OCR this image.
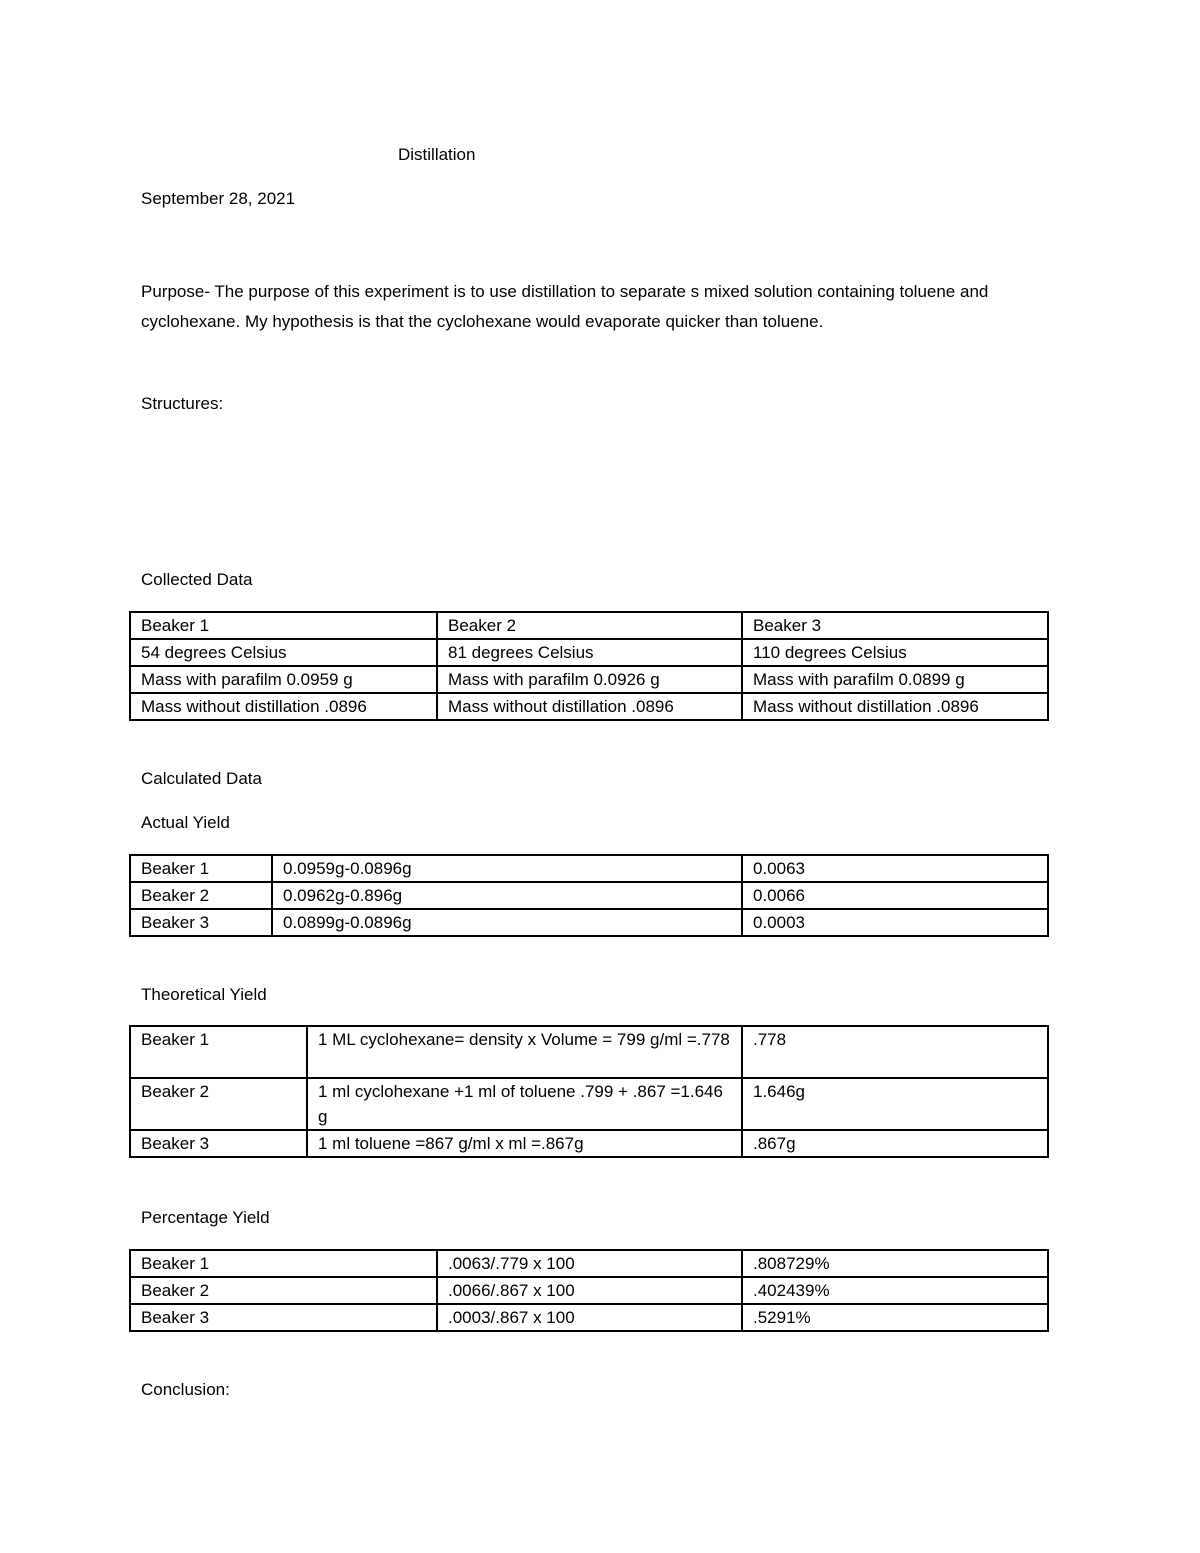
Distillation
September 28, 2021
Purpose- The purpose of this experiment is to use distillation to separate s mixed solution containing toluene and cyclohexane. My hypothesis is that the cyclohexane would evaporate quicker than toluene.
Structures:
Collected Data
Beaker 1	Beaker 2	Beaker 3
54 degrees Celsius	81 degrees Celsius	110 degrees Celsius
Mass with paraﬁlm 0.0959 g	Mass with paraﬁlm 0.0926 g	Mass with paraﬁlm 0.0899 g
Mass without distillation .0896	Mass without distillation .0896	Mass without distillation .0896
Calculated Data
Actual Yield
Beaker 1	0.0959g-0.0896g	0.0063
Beaker 2	0.0962g-0.896g	0.0066
Beaker 3	0.0899g-0.0896g	0.0003
Theoretical Yield
Beaker 1	1 ML cyclohexane= density x Volume = 799 g/ml =.778	.778
Beaker 2	1 ml cyclohexane +1 ml of toluene .799 + .867 =1.646 g	1.646g
Beaker 3	1 ml toluene =867 g/ml x ml =.867g	.867g
Percentage Yield
Beaker 1	.0063/.779 x 100	.808729%
Beaker 2	.0066/.867 x 100	.402439%
Beaker 3	.0003/.867 x 100	.5291%
Conclusion:
